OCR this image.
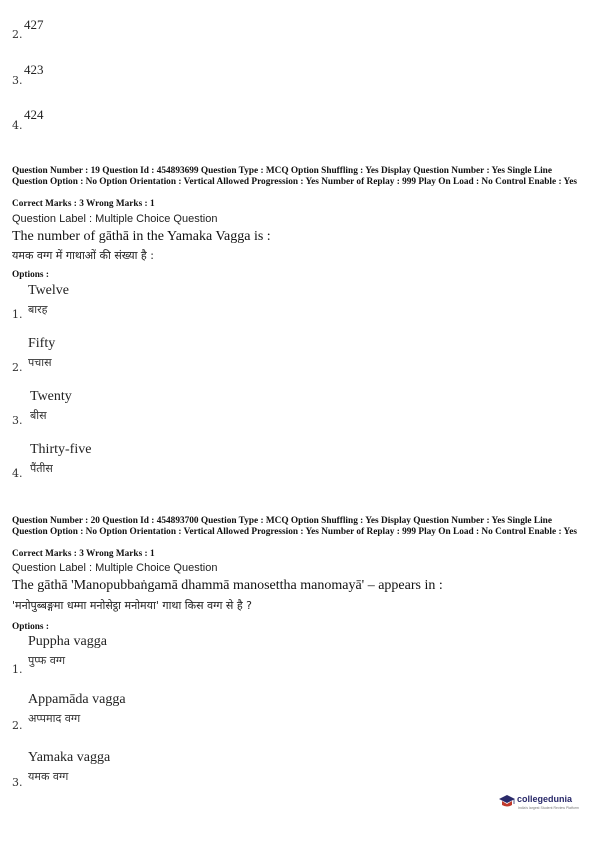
427
2.
423
3.
424
4.
Question Number : 19 Question Id : 454893699 Question Type : MCQ Option Shuffling : Yes Display Question Number : Yes Single Line Question Option : No Option Orientation : Vertical Allowed Progression : Yes Number of Replay : 999 Play On Load : No Control Enable : Yes
Correct Marks : 3 Wrong Marks : 1
Question Label : Multiple Choice Question
The number of gāthā in the Yamaka Vagga is :
यमक वग्ग में गाथाओं की संख्या है :
Options :
Twelve
बारह
1.
Fifty
पचास
2.
Twenty
बीस
3.
Thirty-five
पैंतीस
4.
Question Number : 20 Question Id : 454893700 Question Type : MCQ Option Shuffling : Yes Display Question Number : Yes Single Line Question Option : No Option Orientation : Vertical Allowed Progression : Yes Number of Replay : 999 Play On Load : No Control Enable : Yes
Correct Marks : 3 Wrong Marks : 1
Question Label : Multiple Choice Question
The gāthā 'Manopubbaṅgamā dhammā manosettha manomayā' – appears in :
'मनोपुब्बङ्गमा धम्मा मनोसेट्ठा मनोमया' गाथा किस वग्ग से है ?
Options :
Puppha vagga
पुप्फ वग्ग
1.
Appamāda vagga
अप्पमाद वग्ग
2.
Yamaka vagga
यमक वग्ग
3.
collegedunia
India's largest Student Review Platform
